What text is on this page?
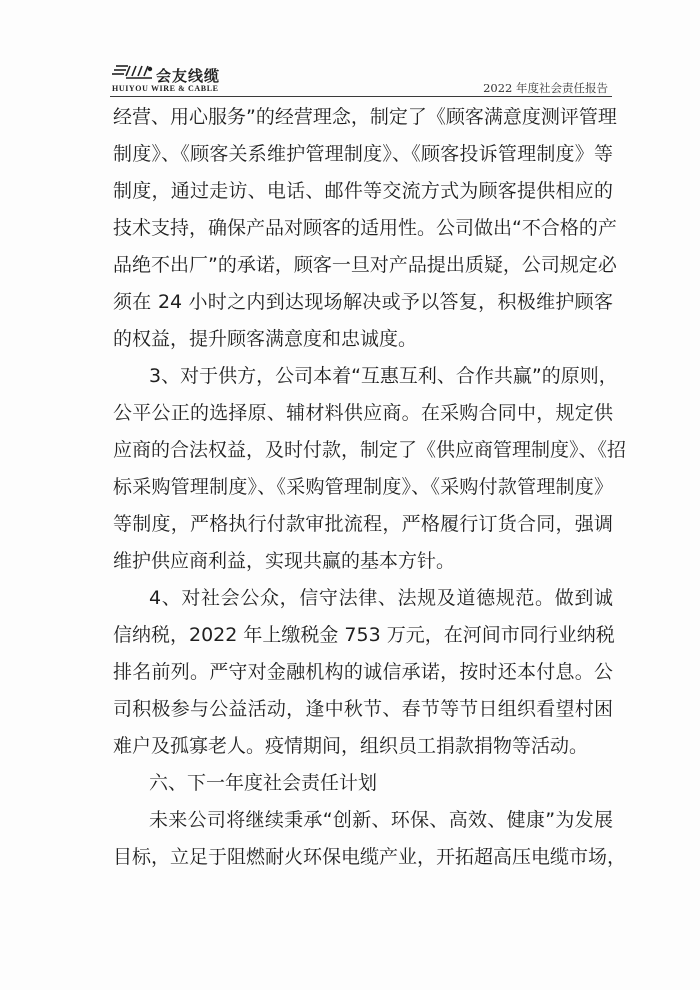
会友线缆
HUIYOU WIRE & CABLE	2022 年度社会责任报告
经营、用心服务”的经营理念，制定了《顾客满意度测评管理
制度》、《顾客关系维护管理制度》、《顾客投诉管理制度》等
制度，通过走访、电话、邮件等交流方式为顾客提供相应的
技术支持，确保产品对顾客的适用性。公司做出“不合格的产
品绝不出厂”的承诺，顾客一旦对产品提出质疑，公司规定必
须在 24 小时之内到达现场解决或予以答复，积极维护顾客
的权益，提升顾客满意度和忠诚度。
3、对于供方，公司本着“互惠互利、合作共赢”的原则，
公平公正的选择原、辅材料供应商。在采购合同中，规定供
应商的合法权益，及时付款，制定了《供应商管理制度》、《招
标采购管理制度》、《采购管理制度》、《采购付款管理制度》
等制度，严格执行付款审批流程，严格履行订货合同，强调
维护供应商利益，实现共赢的基本方针。
4、对社会公众，信守法律、法规及道德规范。做到诚
信纳税，2022 年上缴税金 753 万元，在河间市同行业纳税
排名前列。严守对金融机构的诚信承诺，按时还本付息。公
司积极参与公益活动，逢中秋节、春节等节日组织看望村困
难户及孤寡老人。疫情期间，组织员工捐款捐物等活动。
六、下一年度社会责任计划
未来公司将继续秉承“创新、环保、高效、健康”为发展
目标，立足于阻燃耐火环保电缆产业，开拓超高压电缆市场，
